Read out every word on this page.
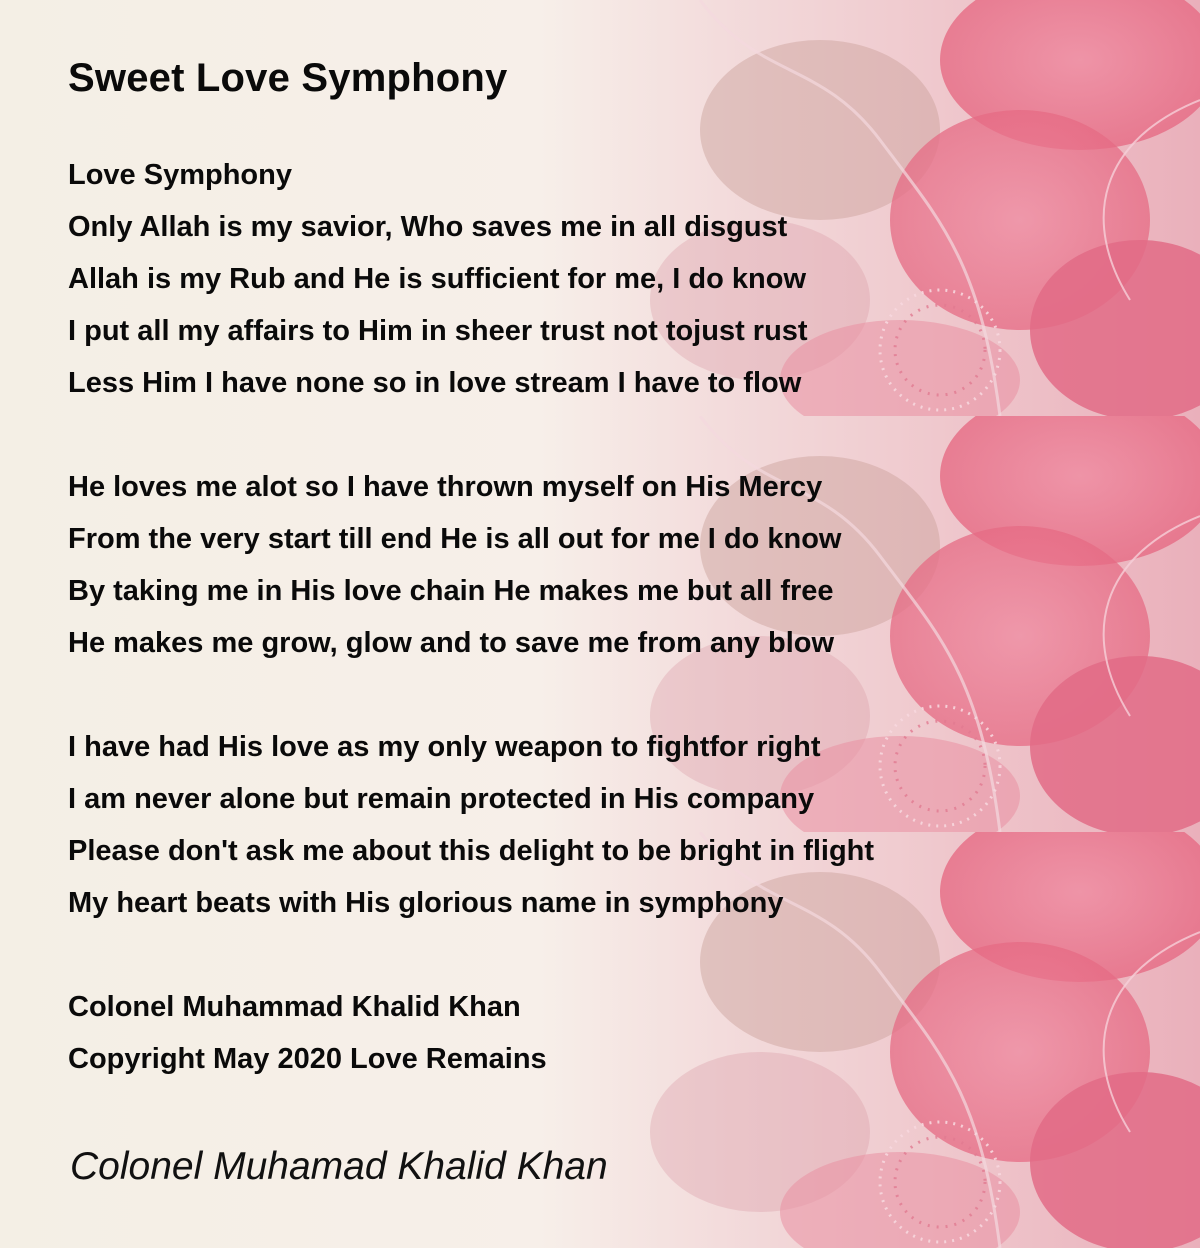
Sweet Love Symphony
Love Symphony
Only Allah is my savior, Who saves me in all disgust
Allah is my Rub and He is sufficient for me, I do know
I put all my affairs to Him in sheer trust not tojust rust
Less Him I have none so in love stream I have to flow
He loves me alot so I have thrown myself on His Mercy
From the very start till end He is all out for me I do know
By taking me in His love chain He makes me but all free
He makes me grow, glow and to save me from any blow
I have had His love as my only weapon to fightfor right
I am never alone but remain protected in His company
Please don't ask me about this delight to be bright in flight
My heart beats with His glorious name in symphony
Colonel Muhammad Khalid Khan
Copyright May 2020 Love Remains
Colonel Muhamad Khalid Khan
